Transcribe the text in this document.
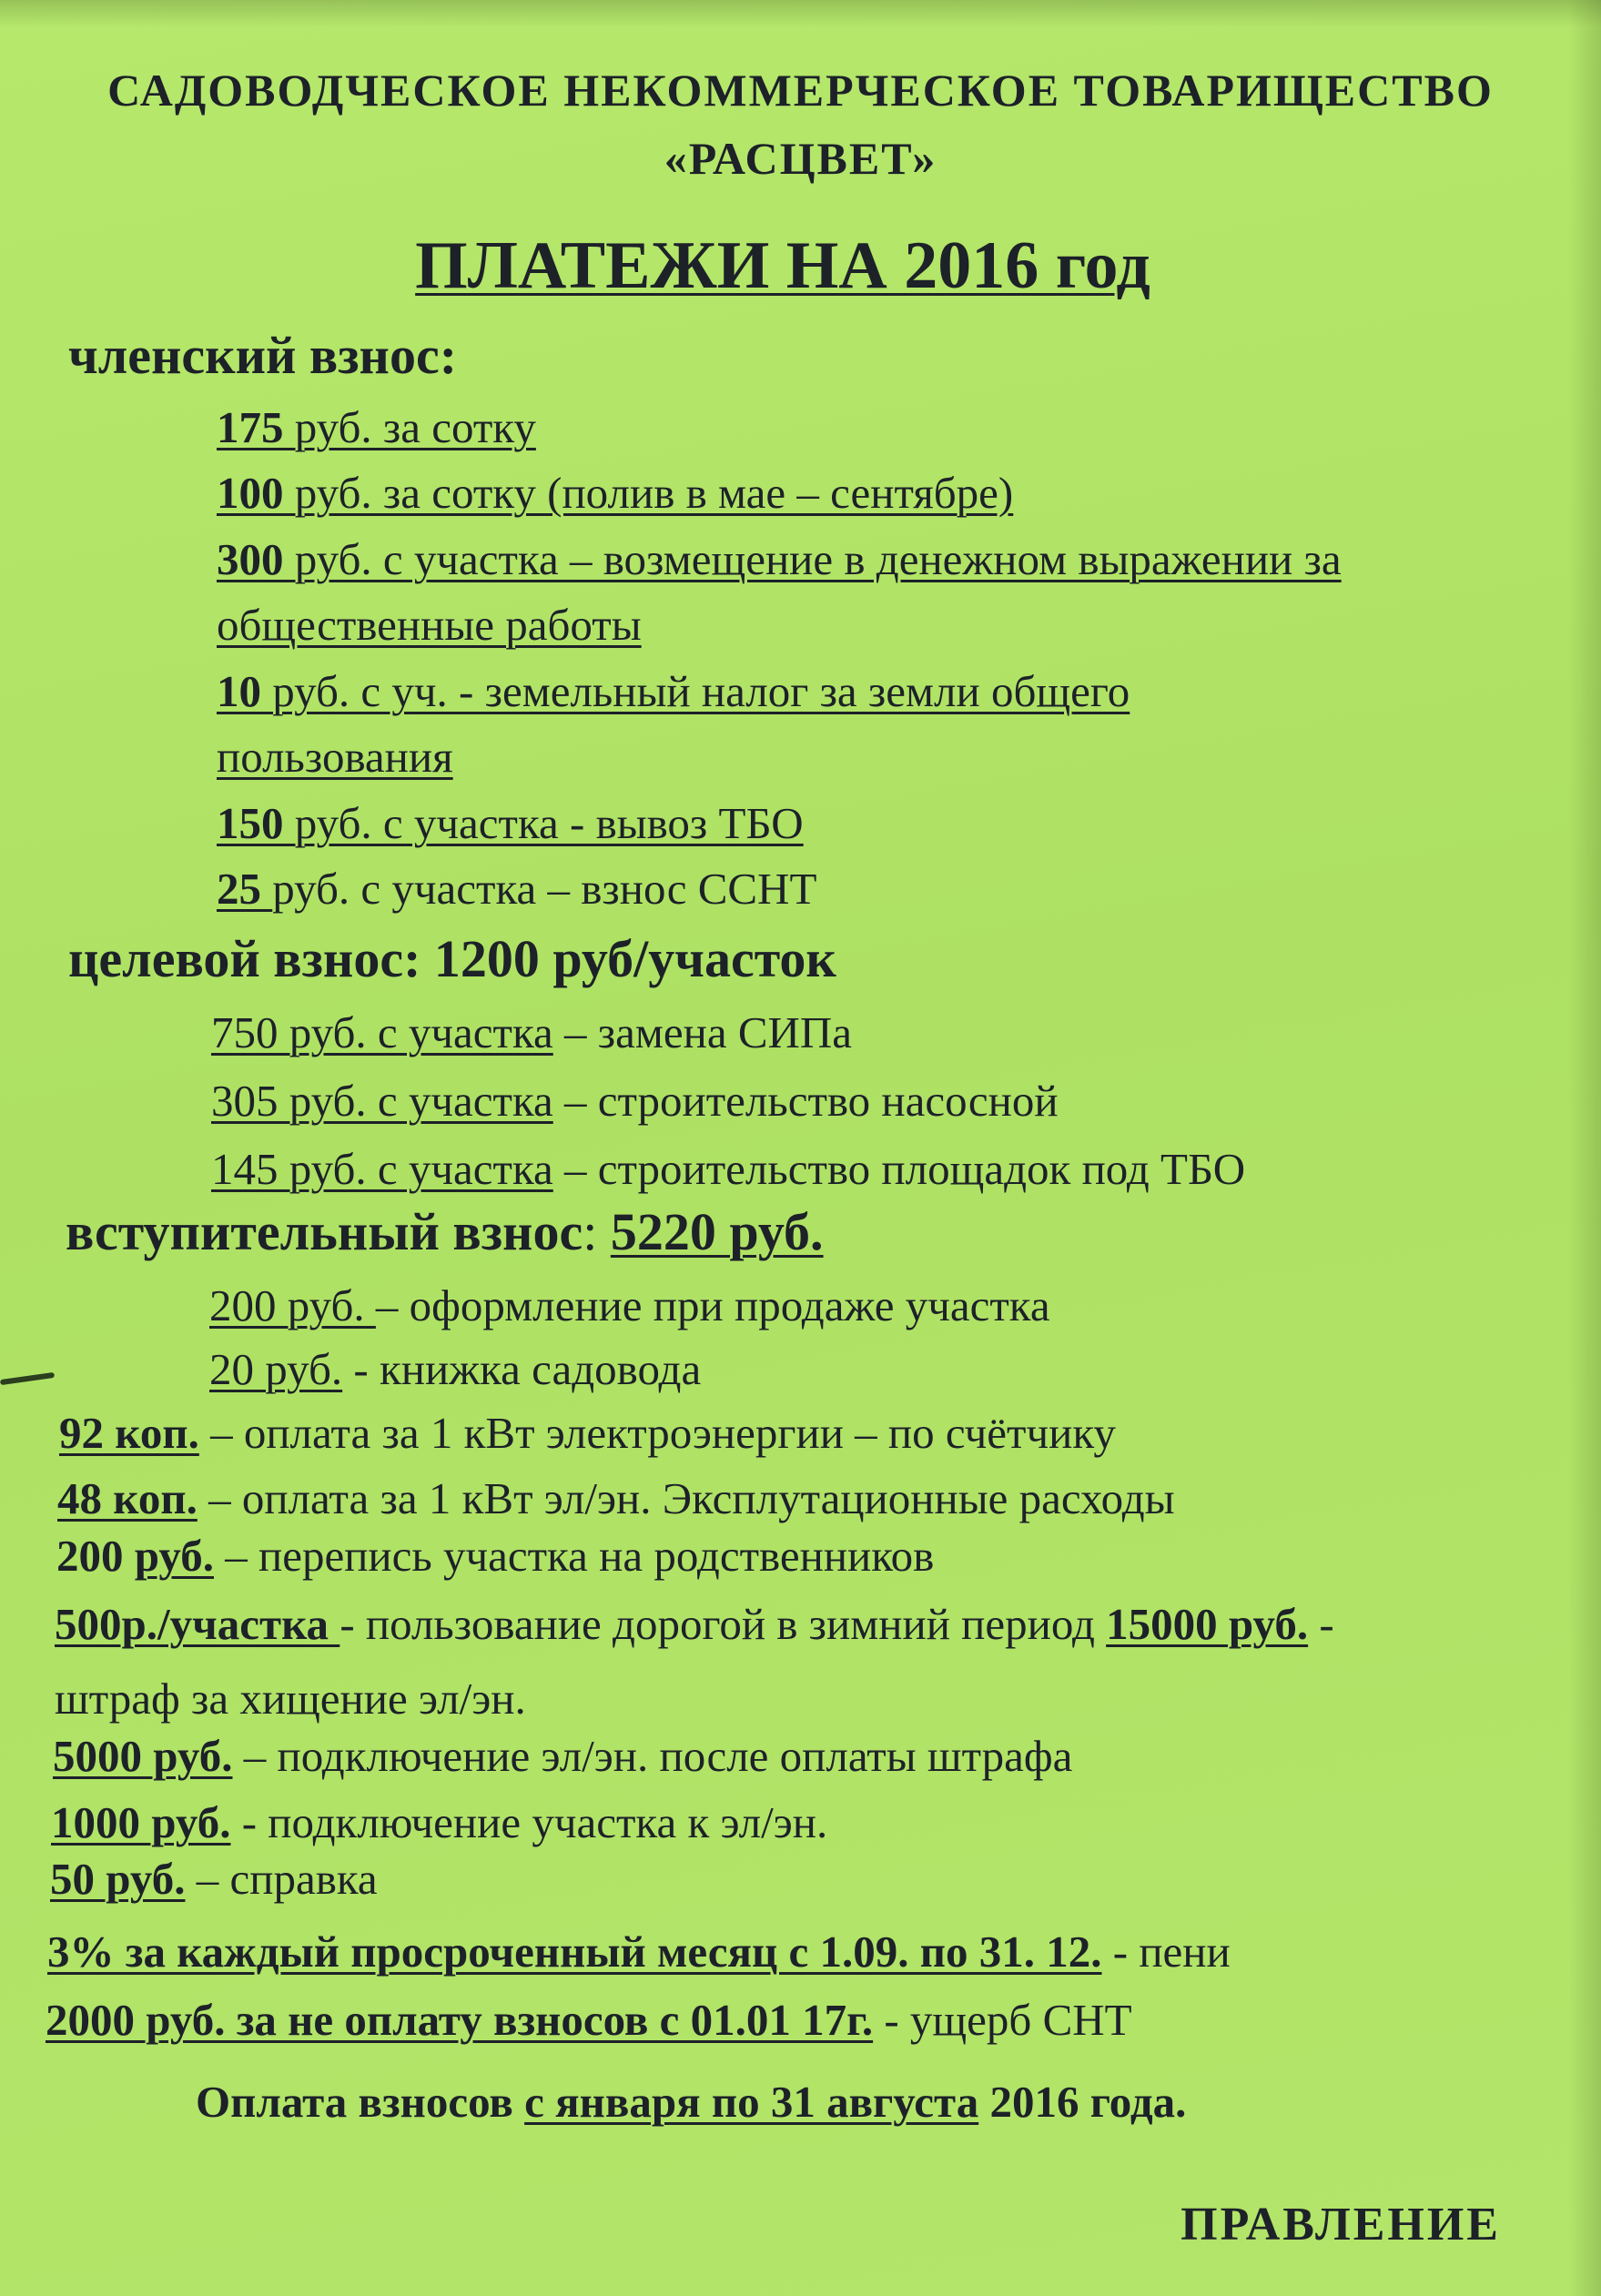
САДОВОДЧЕСКОЕ НЕКОММЕРЧЕСКОЕ ТОВАРИЩЕСТВО
«РАСЦВЕТ»
ПЛАТЕЖИ НА 2016 год
членский взнос:
175 руб. за сотку
100 руб. за сотку (полив в мае – сентябре)
300 руб. с участка – возмещение в денежном выражении за
общественные работы
10 руб. с уч. - земельный налог за земли общего
пользования
150 руб. с участка - вывоз ТБО
25 руб. с участка – взнос ССНТ
целевой взнос: 1200 руб/участок
750 руб. с участка – замена СИПа
305 руб. с участка – строительство насосной
145 руб. с участка – строительство площадок под ТБО
вступительный взнос: 5220 руб.
200 руб. – оформление при продаже участка
20 руб. - книжка садовода
92 коп. – оплата за 1 кВт электроэнергии – по счётчику
48 коп. – оплата за 1 кВт эл/эн. Эксплутационные расходы
200 руб. – перепись участка на родственников
500р./участка - пользование дорогой в зимний период 15000 руб. -
штраф за хищение эл/эн.
5000 руб. – подключение эл/эн. после оплаты штрафа
1000 руб. - подключение участка к эл/эн.
50 руб. – справка
3% за каждый просроченный месяц с 1.09. по 31. 12. - пени
2000 руб. за не оплату взносов с 01.01 17г. - ущерб СНТ
Оплата взносов с января по 31 августа 2016 года.
ПРАВЛЕНИЕ
